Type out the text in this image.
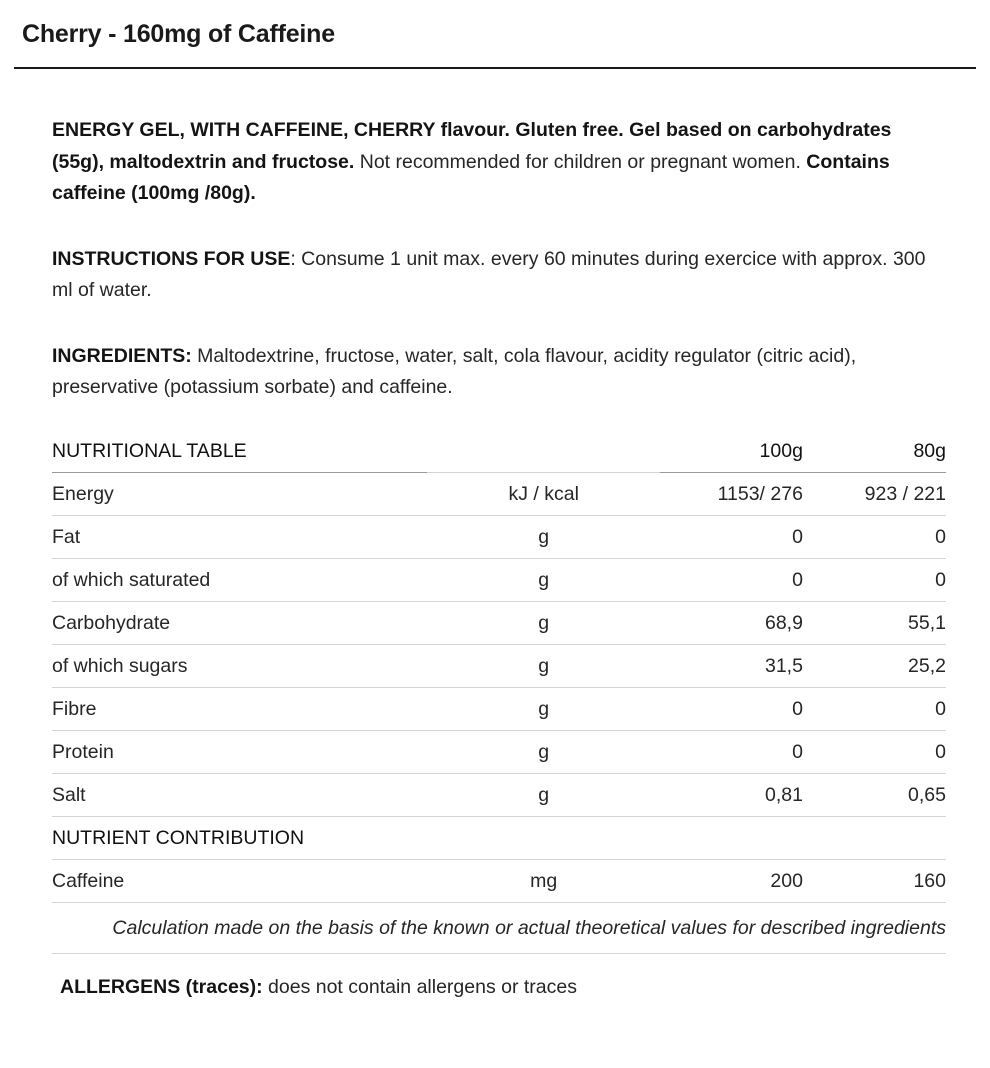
Cherry - 160mg of Caffeine

ENERGY GEL, WITH CAFFEINE, CHERRY flavour. Gluten free. Gel based on carbohydrates (55g), maltodextrin and fructose. Not recommended for children or pregnant women. Contains caffeine (100mg /80g).

INSTRUCTIONS FOR USE: Consume 1 unit max. every 60 minutes during exercice with approx. 300 ml of water.

INGREDIENTS: Maltodextrine, fructose, water, salt, cola flavour, acidity regulator (citric acid), preservative (potassium sorbate) and caffeine.

NUTRITIONAL TABLE		100g	80g
Energy	kJ / kcal	1153/ 276	923 / 221
Fat	g	0	0
of which saturated	g	0	0
Carbohydrate	g	68,9	55,1
of which sugars	g	31,5	25,2
Fibre	g	0	0
Protein	g	0	0
Salt	g	0,81	0,65
NUTRIENT CONTRIBUTION			
Caffeine	mg	200	160
Calculation made on the basis of the known or actual theoretical values for described ingredients			

ALLERGENS (traces): does not contain allergens or traces
